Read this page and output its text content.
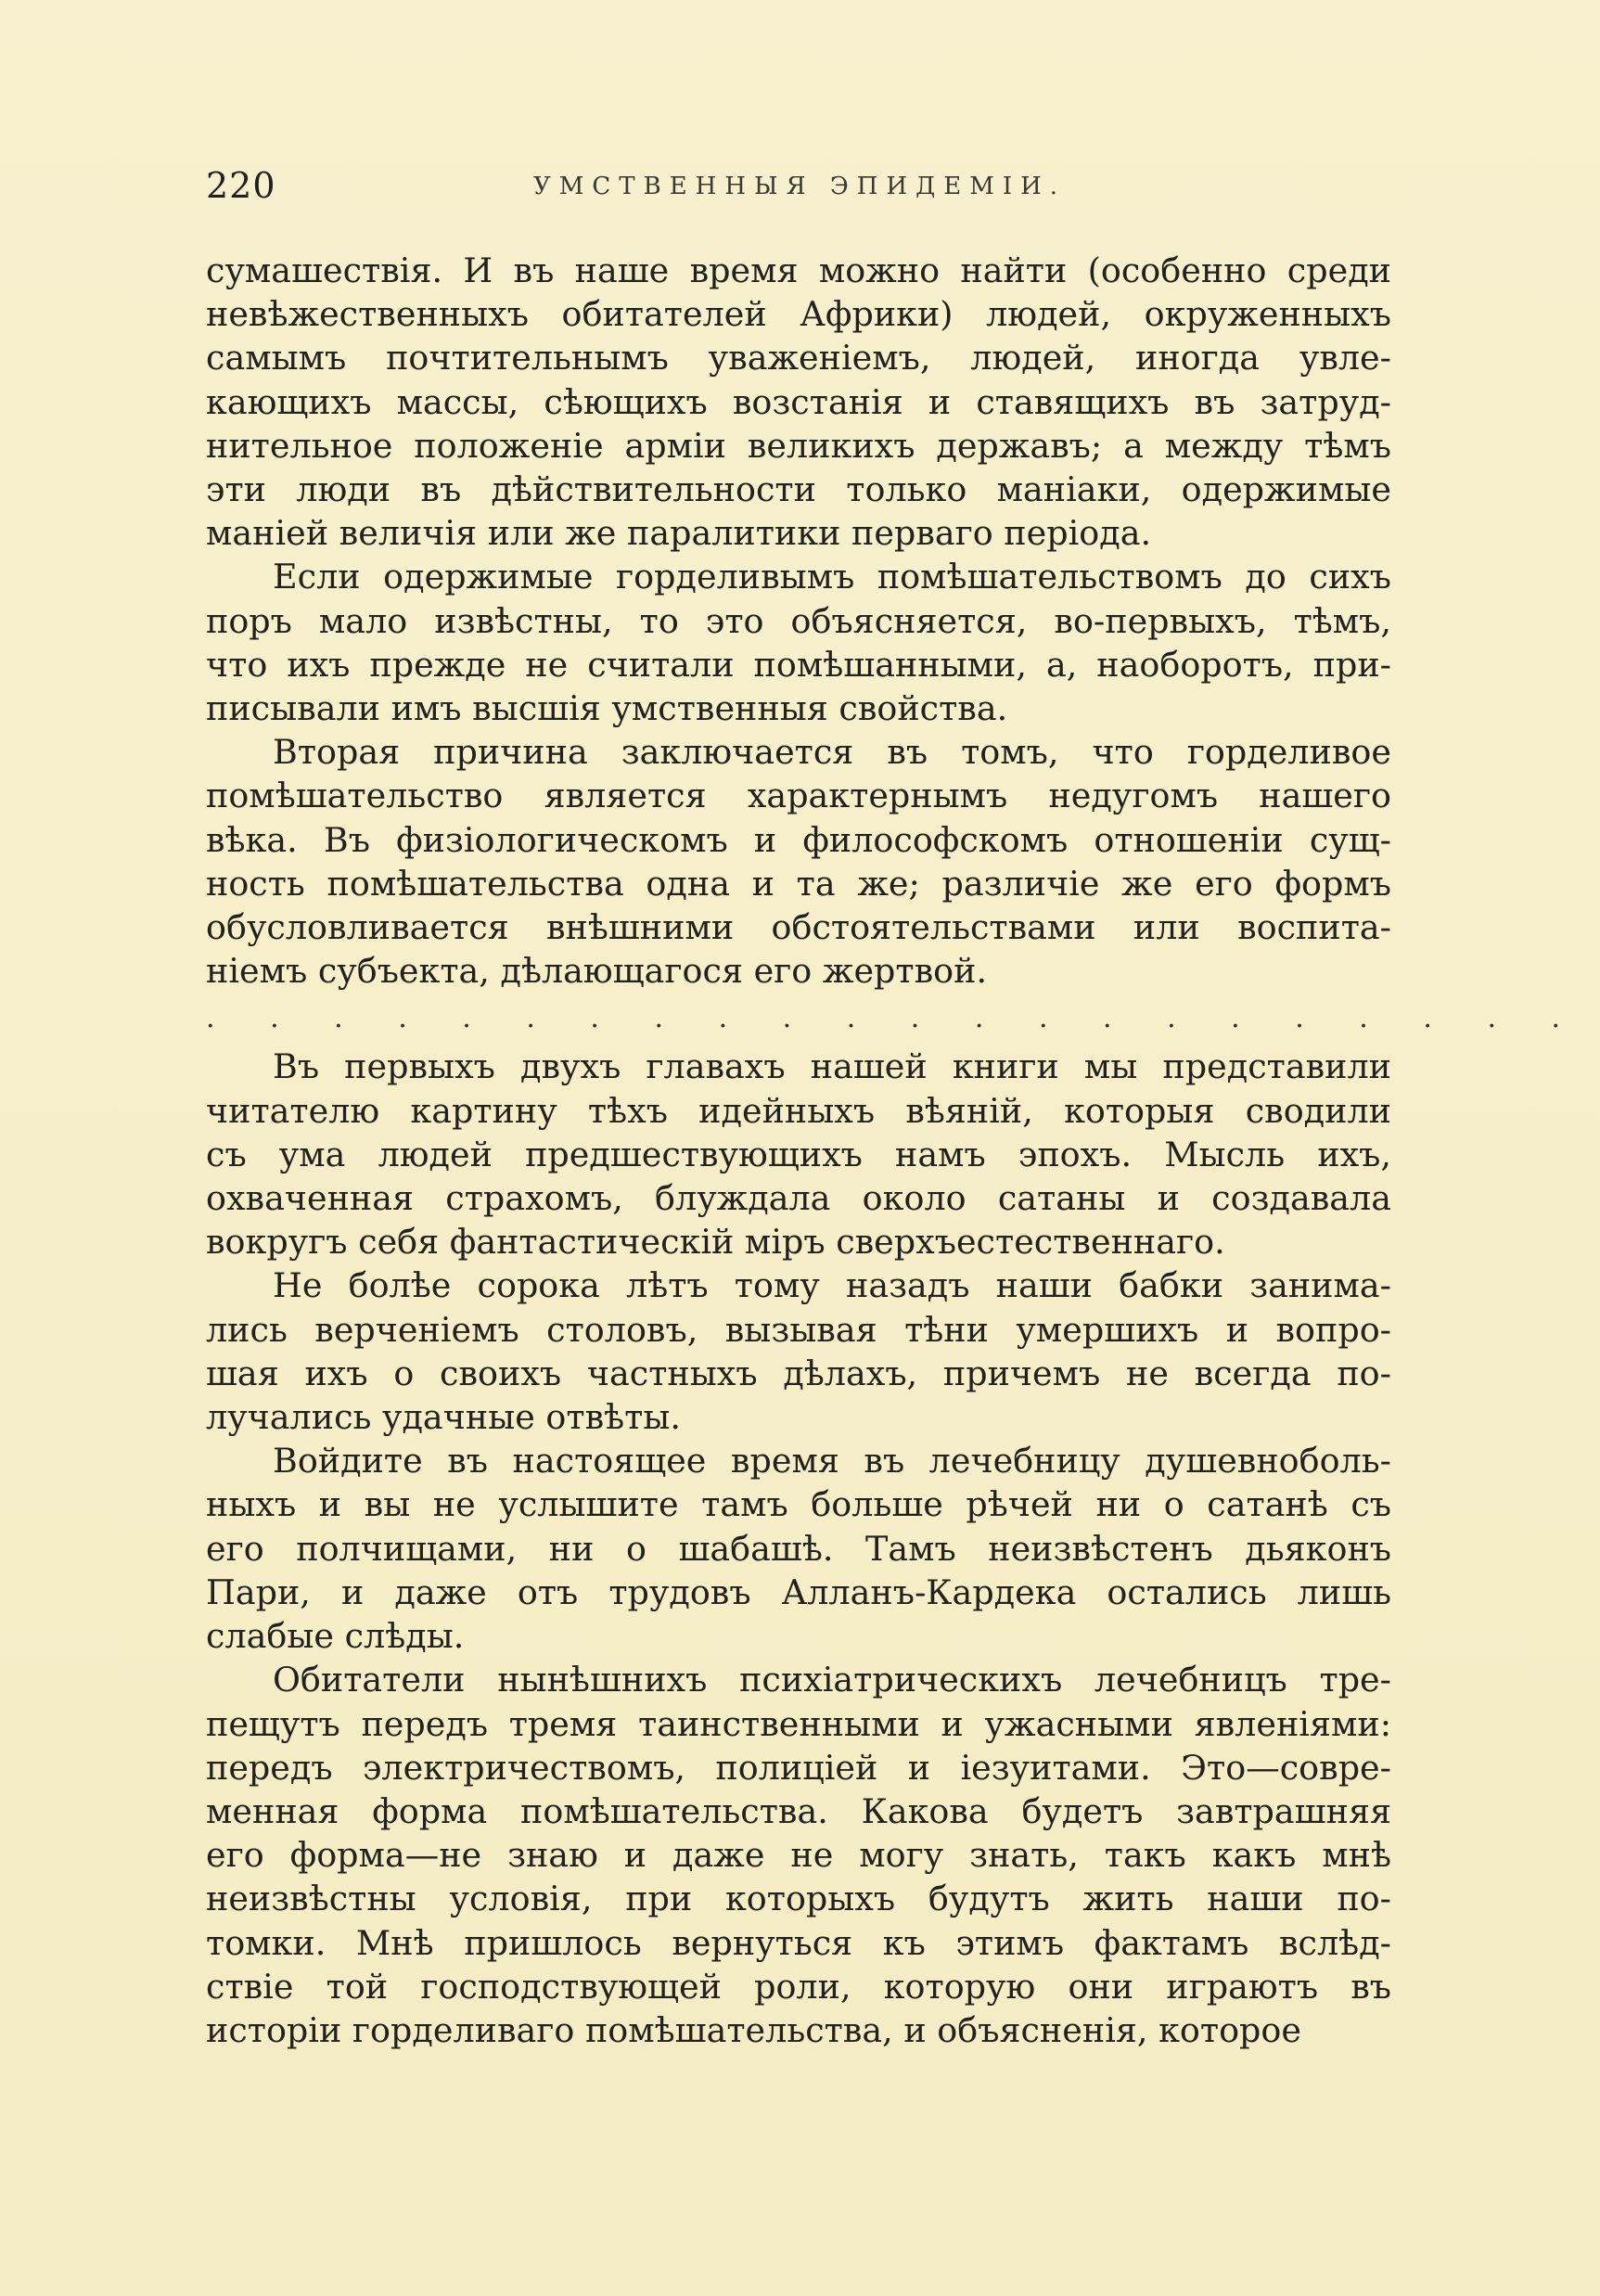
220	УМСТВЕННЫЯ ЭПИДЕМІИ.
сумашествія. И въ наше время можно найти (особенно среди
невѣжественныхъ обитателей Африки) людей, окруженныхъ
самымъ почтительнымъ уваженіемъ, людей, иногда увле-
кающихъ массы, сѣющихъ возстанія и ставящихъ въ затруд-
нительное положеніе арміи великихъ державъ; а между тѣмъ
эти люди въ дѣйствительности только маніаки, одержимые
маніей величія или же паралитики перваго періода.
Если одержимые горделивымъ помѣшательствомъ до сихъ
поръ мало извѣстны, то это объясняется, во-первыхъ, тѣмъ,
что ихъ прежде не считали помѣшанными, а, наоборотъ, при-
писывали имъ высшія умственныя свойства.
Вторая причина заключается въ томъ, что горделивое
помѣшательство является характернымъ недугомъ нашего
вѣка. Въ физіологическомъ и философскомъ отношеніи сущ-
ность помѣшательства одна и та же; различіе же его формъ
обусловливается внѣшними обстоятельствами или воспита-
ніемъ субъекта, дѣлающагося его жертвой.
. . . . . . . . . . . . . . . . . . . . . .
Въ первыхъ двухъ главахъ нашей книги мы представили
читателю картину тѣхъ идейныхъ вѣяній, которыя сводили
съ ума людей предшествующихъ намъ эпохъ. Мысль ихъ,
охваченная страхомъ, блуждала около сатаны и создавала
вокругъ себя фантастическій міръ сверхъестественнаго.
Не болѣе сорока лѣтъ тому назадъ наши бабки занима-
лись верченіемъ столовъ, вызывая тѣни умершихъ и вопро-
шая ихъ о своихъ частныхъ дѣлахъ, причемъ не всегда по-
лучались удачные отвѣты.
Войдите въ настоящее время въ лечебницу душевноболь-
ныхъ и вы не услышите тамъ больше рѣчей ни о сатанѣ съ
его полчищами, ни о шабашѣ. Тамъ неизвѣстенъ дьяконъ
Пари, и даже отъ трудовъ Алланъ-Кардека остались лишь
слабые слѣды.
Обитатели нынѣшнихъ психіатрическихъ лечебницъ тре-
пещутъ передъ тремя таинственными и ужасными явленіями:
передъ электричествомъ, полиціей и іезуитами. Это—совре-
менная форма помѣшательства. Какова будетъ завтрашняя
его форма—не знаю и даже не могу знать, такъ какъ мнѣ
неизвѣстны условія, при которыхъ будутъ жить наши по-
томки. Мнѣ пришлось вернуться къ этимъ фактамъ вслѣд-
ствіе той господствующей роли, которую они играютъ въ
исторіи горделиваго помѣшательства, и объясненія, которое
